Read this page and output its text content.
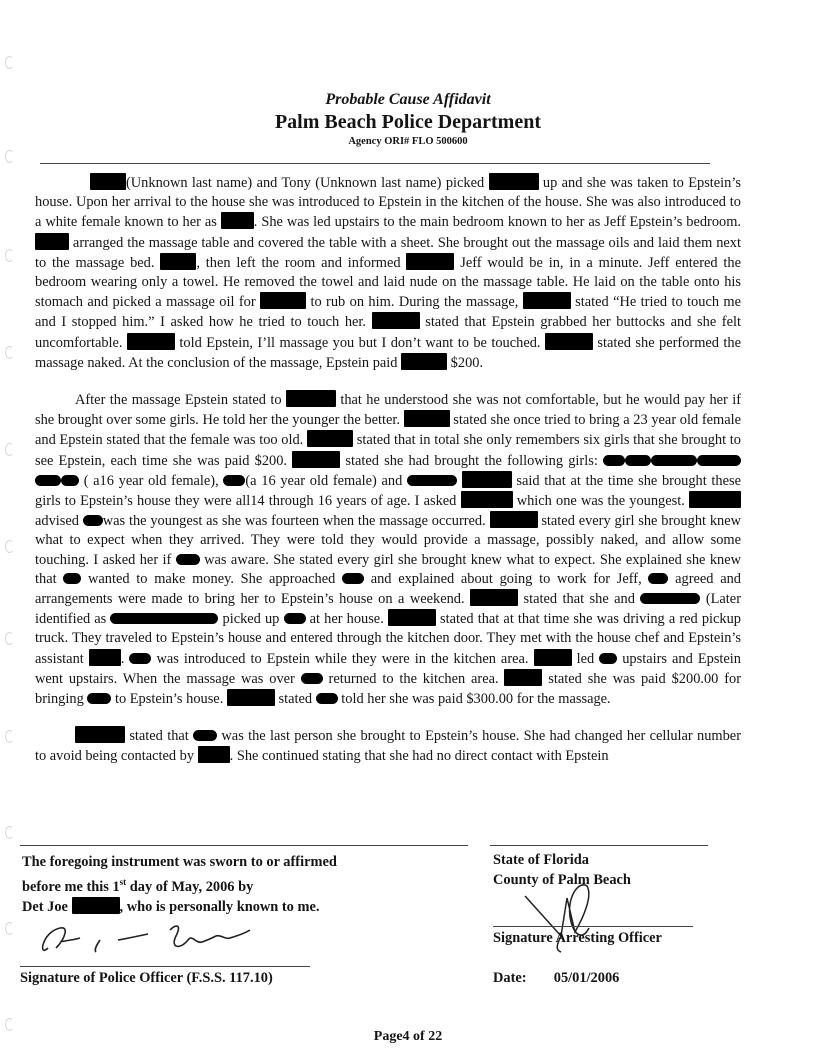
Probable Cause Affidavit
Palm Beach Police Department
Agency ORI# FLO 500600

(Unknown last name) and Tony (Unknown last name) picked	up and she was taken to Epstein’s house. Upon her arrival to the house she was introduced to Epstein in the kitchen of the house. She was also introduced to a white female known to her as . She was led upstairs to the main bedroom known to her as Jeff Epstein’s bedroom.  arranged the massage table and covered the table with a sheet. She brought out the massage oils and laid them next to the massage bed.	, then left the room and informed	Jeff would be in, in a minute. Jeff entered the bedroom wearing only a towel. He removed the towel and laid nude on the massage table. He laid on the table onto his stomach and picked a massage oil for	to rub on him. During the massage,	stated “He tried to touch me and I stopped him.” I asked how he tried to touch her.	stated that Epstein grabbed her buttocks and she felt uncomfortable.	told Epstein, I’ll massage you but I don’t want to be touched.	stated she performed the massage naked. At the conclusion of the massage, Epstein paid	$200.

After the massage Epstein stated to	that he understood she was not comfortable, but he would pay her if she brought over some girls. He told her the younger the better.	stated she once tried to bring a 23 year old female and Epstein stated that the female was too old.	stated that in total she only remembers six girls that she brought to see Epstein, each time she was paid $200.	stated she had brought the following girls:  ( a16 year old female), (a 16 year old female) and	said that at the time she brought these girls to Epstein’s house they were all14 through 16 years of age. I asked	which one was the youngest.  advised was the youngest as she was fourteen when the massage occurred.	stated every girl she brought knew what to expect when they arrived. They were told they would provide a massage, possibly naked, and allow some touching. I asked her if  was aware. She stated every girl she brought knew what to expect. She explained she knew that  wanted to make money. She approached  and explained about going to work for Jeff,  agreed and arrangements were made to bring her to Epstein’s house on a weekend.	stated that she and	(Later identified as	picked up  at her house.	stated that at that time she was driving a red pickup truck. They traveled to Epstein’s house and entered through the kitchen door. They met with the house chef and Epstein’s assistant .  was introduced to Epstein while they were in the kitchen area.	led  upstairs and Epstein went upstairs. When the massage was over  returned to the kitchen area.	stated she was paid $200.00 for bringing  to Epstein’s house.	stated  told her she was paid $300.00 for the massage.

stated that  was the last person she brought to Epstein’s house. She had changed her cellular number to avoid being contacted by . She continued stating that she had no direct contact with Epstein

The foregoing instrument was sworn to or affirmed
before me this 1st day of May, 2006 by
Det Joe	, who is personally known to me.
Signature of Police Officer (F.S.S. 117.10)
State of Florida
County of Palm Beach
Signature Arresting Officer
Date: 05/01/2006
Page4 of 22
